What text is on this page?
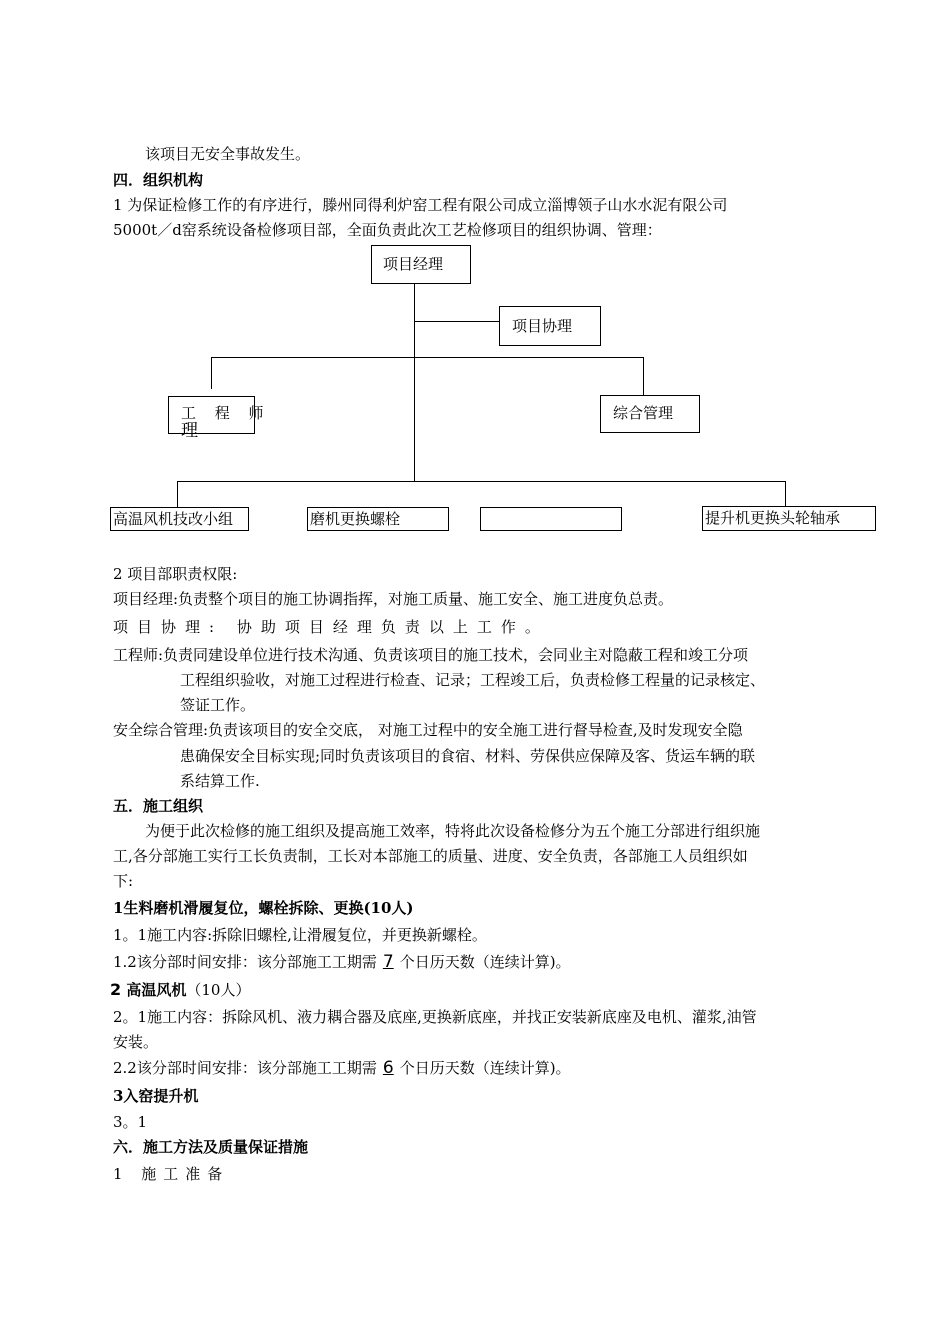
该项目无安全事故发生。
四．组织机构
1 为保证检修工作的有序进行，滕州同得利炉窑工程有限公司成立淄博领子山水水泥有限公司
5000t／d窑系统设备检修项目部，全面负责此次工艺检修项目的组织协调、管理：
项目经理
项目协理
工 程 师
理
综合管理
高温风机技改小组	磨机更换螺栓	提升机更换头轮轴承
2 项目部职责权限:
项目经理:负责整个项目的施工协调指挥，对施工质量、施工安全、施工进度负总责。
项目协理: 协助项目经理负责以上工作。
工程师:负责同建设单位进行技术沟通、负责该项目的施工技术，会同业主对隐蔽工程和竣工分项
工程组织验收，对施工过程进行检查、记录；工程竣工后，负责检修工程量的记录核定、
签证工作。
安全综合管理:负责该项目的安全交底， 对施工过程中的安全施工进行督导检查,及时发现安全隐
患确保安全目标实现;同时负责该项目的食宿、材料、劳保供应保障及客、货运车辆的联
系结算工作.
五．施工组织
为便于此次检修的施工组织及提高施工效率，特将此次设备检修分为五个施工分部进行组织施
工,各分部施工实行工长负责制，工长对本部施工的质量、进度、安全负责，各部施工人员组织如
下:
1生料磨机滑履复位，螺栓拆除、更换(10人)
1。1施工内容:拆除旧螺栓,让滑履复位，并更换新螺栓。
1.2该分部时间安排：该分部施工工期需 7 个日历天数（连续计算)。
2 高温风机（10人）
2。1施工内容：拆除风机、液力耦合器及底座,更换新底座，并找正安装新底座及电机、灌浆,油管
安装。
2.2该分部时间安排：该分部施工工期需 6 个日历天数（连续计算)。
3入窑提升机
3。1
六．施工方法及质量保证措施
1 施工准备
